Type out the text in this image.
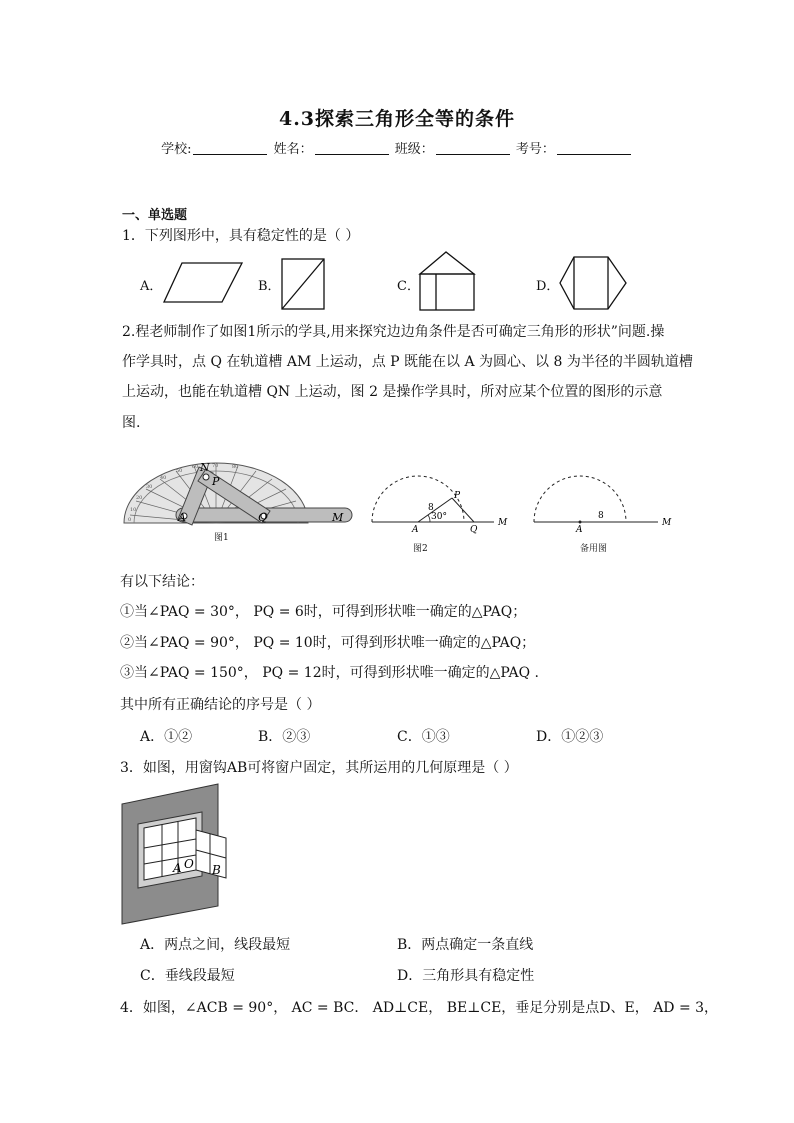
4.3探索三角形全等的条件
学校:	姓名：	班级：	考号：
一、单选题
1．下列图形中，具有稳定性的是（ ）
A．	B．	C．	D．
2.程老师制作了如图1所示的学具,用来探究边边角条件是否可确定三角形的形状”问题.操
作学具时，点 Q 在轨道槽 AM 上运动，点 P 既能在以 A 为圆心、以 8 为半径的半圆轨道槽
上运动，也能在轨道槽 QN 上运动，图 2 是操作学具时，所对应某个位置的图形的示意
图.
0
10
20
30
40
50
60	70	80
N
P
A	Q	M
图1
8
P
30°
A	Q
M
图2
A
8
M
备用图
有以下结论：
①当∠PAQ = 30°， PQ = 6时，可得到形状唯一确定的△PAQ；
②当∠PAQ = 90°， PQ = 10时，可得到形状唯一确定的△PAQ；
③当∠PAQ = 150°， PQ = 12时，可得到形状唯一确定的△PAQ .
其中所有正确结论的序号是（ ）
A．①②	B．②③	C．①③	D．①②③
3．如图，用窗钩AB可将窗户固定，其所运用的几何原理是（ ）
A O B
A．两点之间，线段最短	B．两点确定一条直线
C．垂线段最短	D．三角形具有稳定性
4．如图，∠ACB = 90°， AC = BC． AD⊥CE， BE⊥CE，垂足分别是点D、E， AD = 3，
